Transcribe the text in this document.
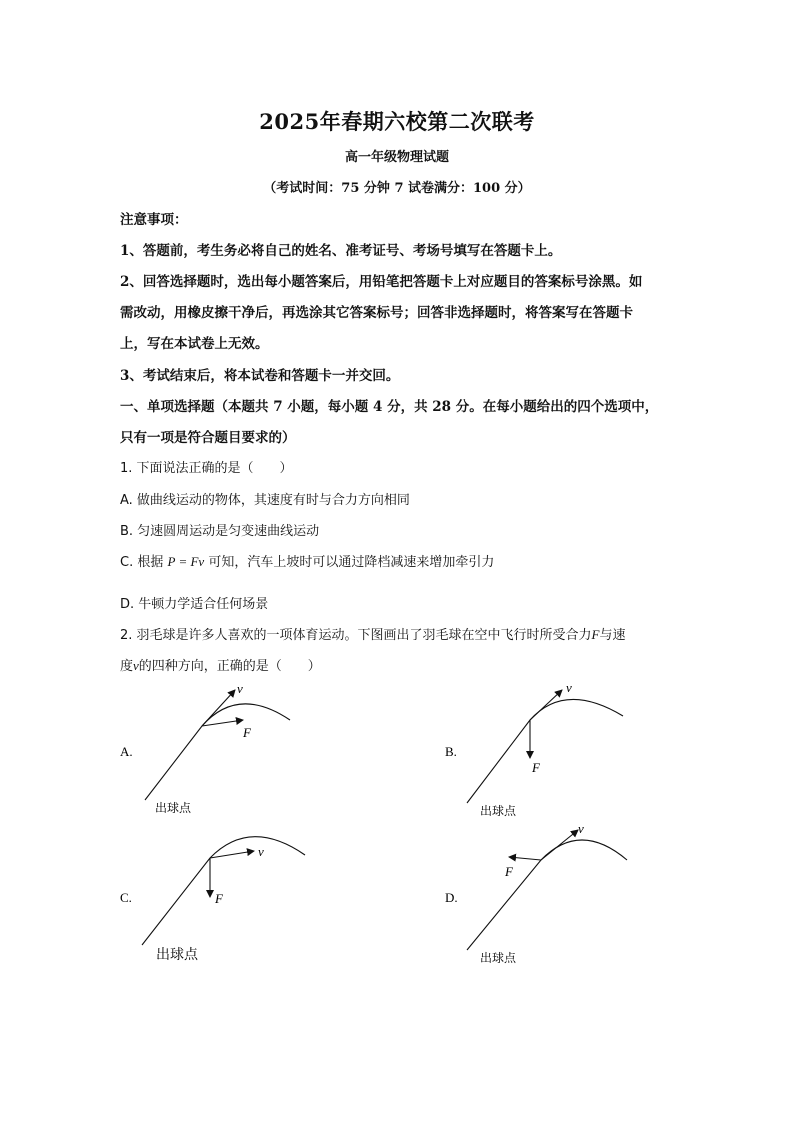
2025年春期六校第二次联考
高一年级物理试题
（考试时间：75 分钟 7 试卷满分：100 分）
注意事项：
1、答题前，考生务必将自己的姓名、准考证号、考场号填写在答题卡上。
2、回答选择题时，选出每小题答案后，用铅笔把答题卡上对应题目的答案标号涂黑。如
需改动，用橡皮擦干净后，再选涂其它答案标号；回答非选择题时，将答案写在答题卡
上，写在本试卷上无效。
3、考试结束后，将本试卷和答题卡一并交回。
一、单项选择题（本题共 7 小题，每小题 4 分，共 28 分。在每小题给出的四个选项中，
只有一项是符合题目要求的）
1. 下面说法正确的是（　　）
A. 做曲线运动的物体，其速度有时与合力方向相同
B. 匀速圆周运动是匀变速曲线运动
C. 根据 P = Fv 可知，汽车上坡时可以通过降档减速来增加牵引力
D. 牛顿力学适合任何场景
2. 羽毛球是许多人喜欢的一项体育运动。下图画出了羽毛球在空中飞行时所受合力F与速
度v的四种方向，正确的是（　　）
v
F
A.
出球点
v
F
B.
出球点
v
F
C.
出球点
v
F
D.
出球点
